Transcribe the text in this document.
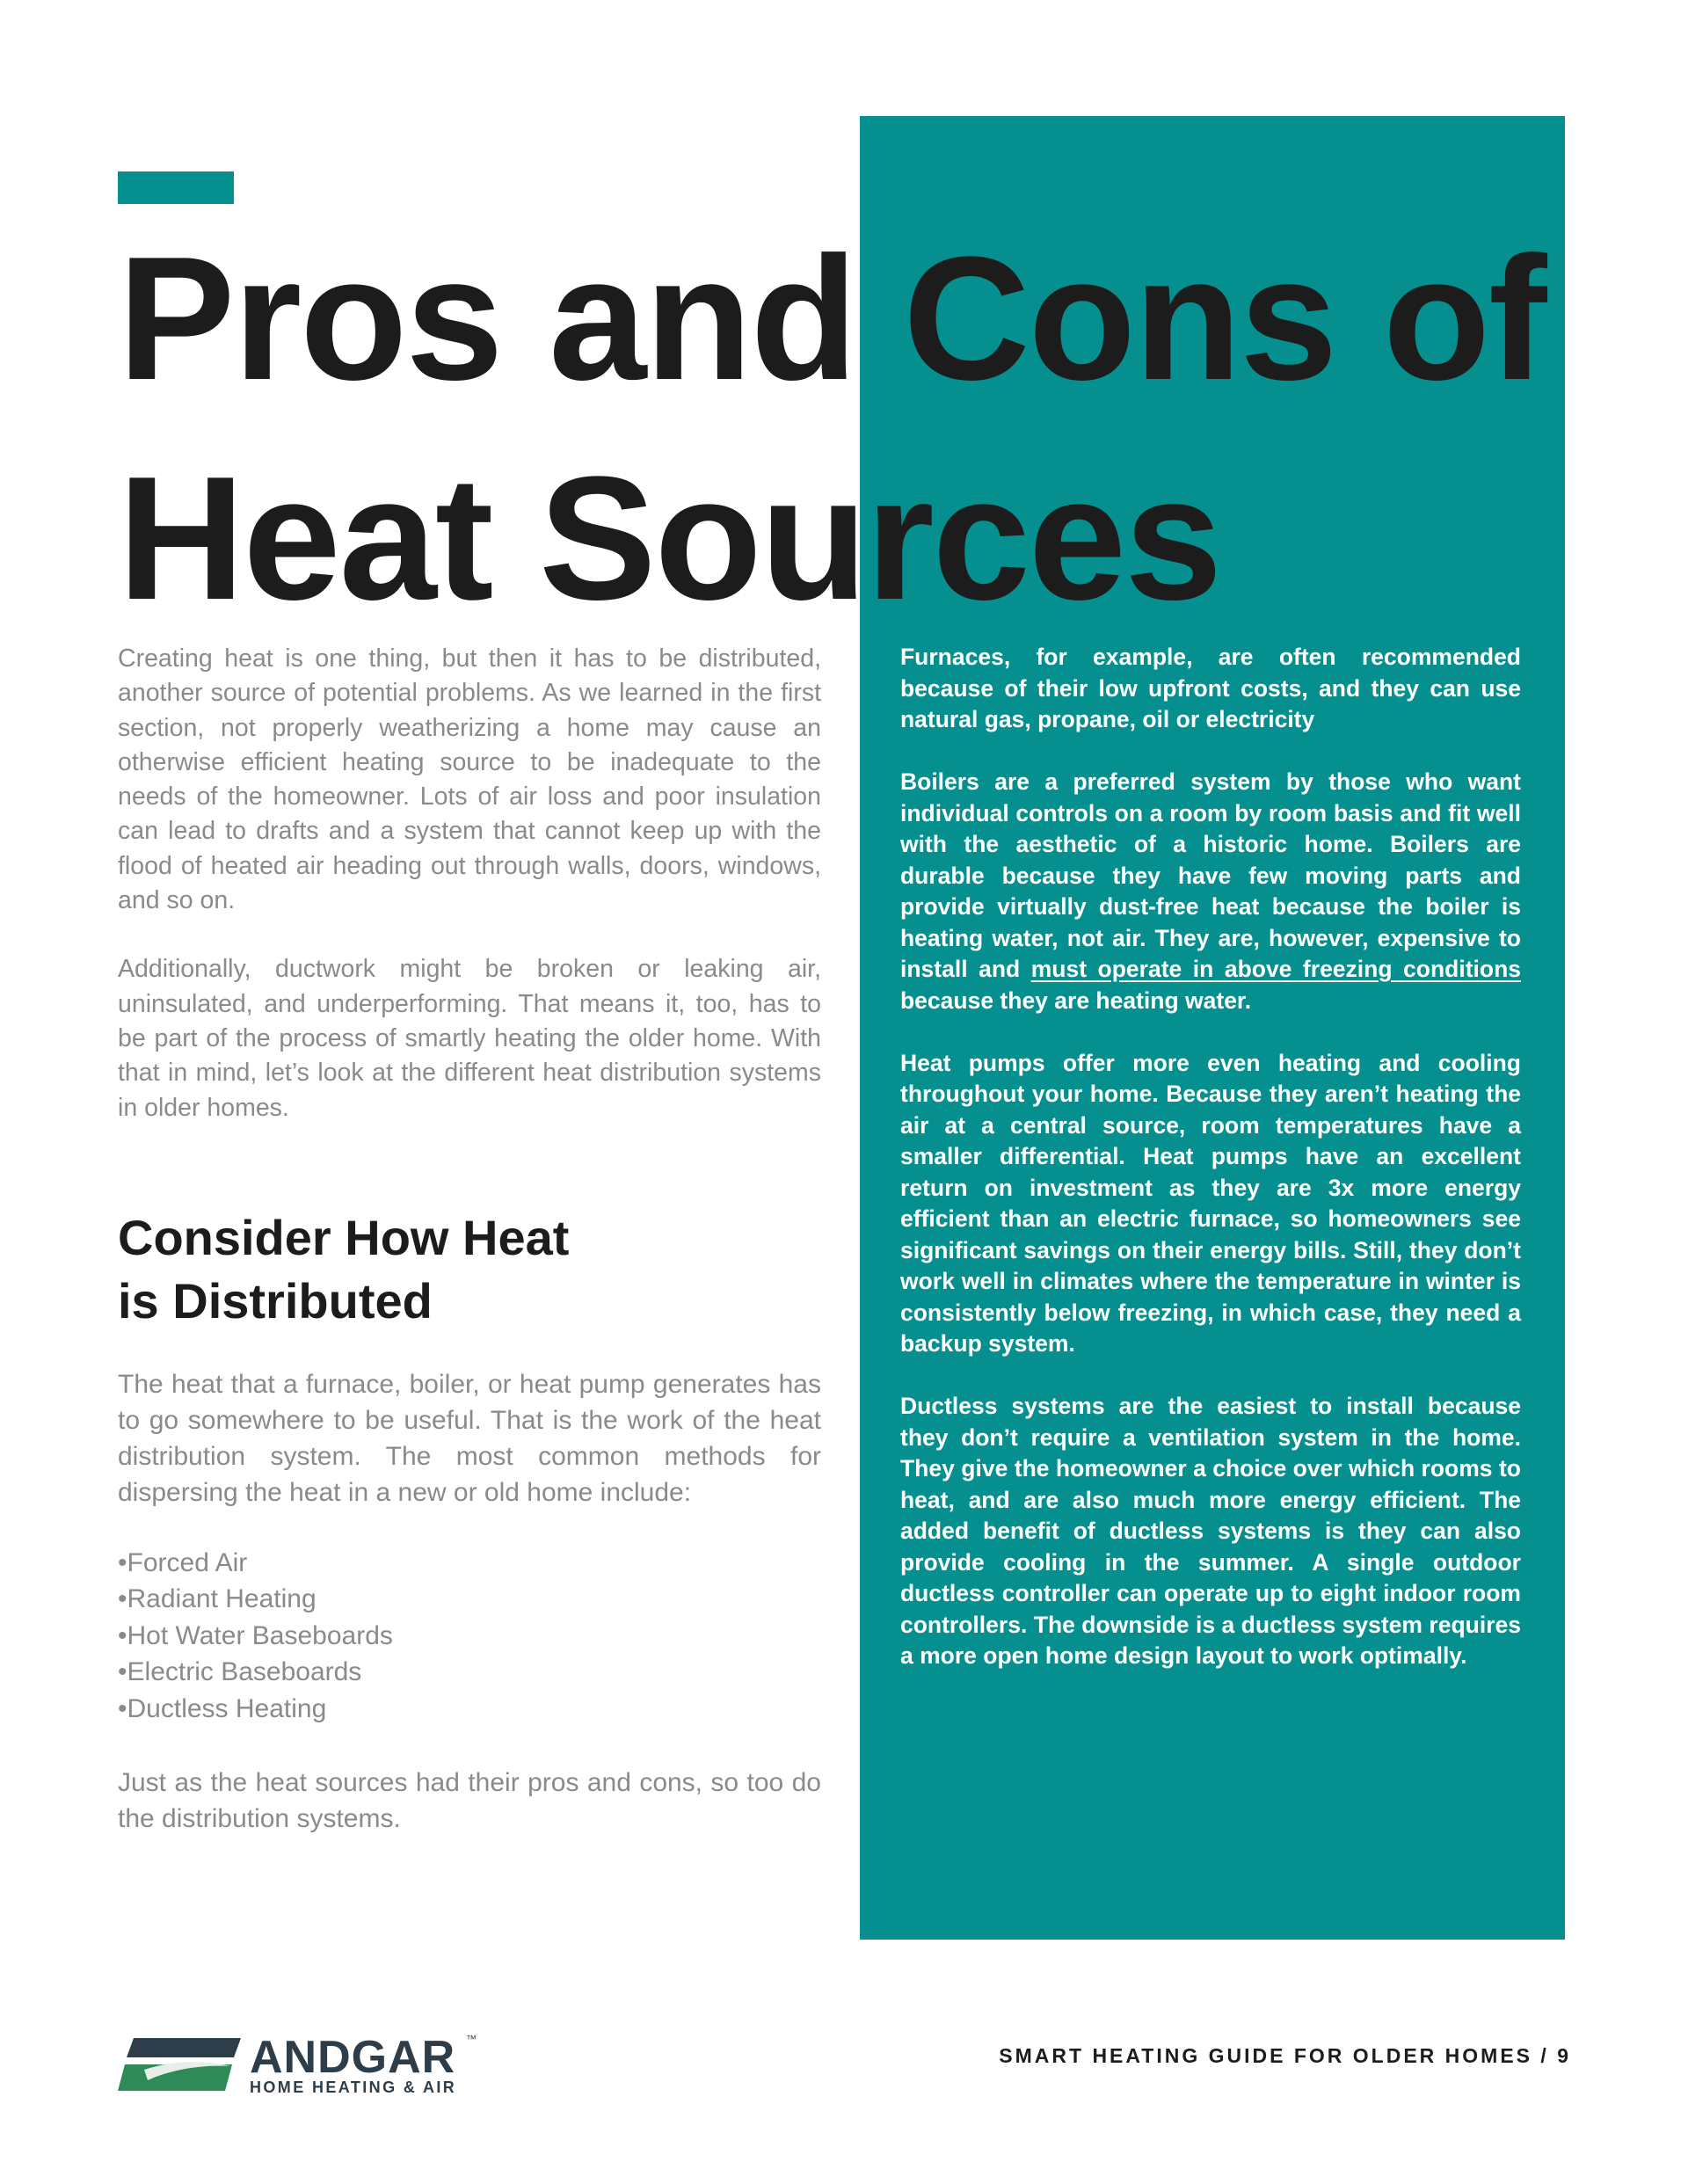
Pros and Cons of
Heat Sources

Creating heat is one thing, but then it has to be distributed, another source of potential problems. As we learned in the first section, not properly weatherizing a home may cause an otherwise efficient heating source to be inadequate to the needs of the homeowner. Lots of air loss and poor insulation can lead to drafts and a system that cannot keep up with the flood of heated air heading out through walls, doors, windows, and so on.

Additionally, ductwork might be broken or leaking air, uninsulated, and underperforming. That means it, too, has to be part of the process of smartly heating the older home. With that in mind, let’s look at the different heat distribution systems in older homes.

Consider How Heat
is Distributed

The heat that a furnace, boiler, or heat pump generates has to go somewhere to be useful. That is the work of the heat distribution system. The most common methods for dispersing the heat in a new or old home include:

• Forced Air
• Radiant Heating
• Hot Water Baseboards
• Electric Baseboards
• Ductless Heating

Just as the heat sources had their pros and cons, so too do the distribution systems.

Furnaces, for example, are often recommended because of their low upfront costs, and they can use natural gas, propane, oil or electricity

Boilers are a preferred system by those who want individual controls on a room by room basis and fit well with the aesthetic of a historic home. Boilers are durable because they have few moving parts and provide virtually dust-free heat because the boiler is heating water, not air. They are, however, expensive to install and must operate in above freezing conditions because they are heating water.

Heat pumps offer more even heating and cooling throughout your home. Because they aren’t heating the air at a central source, room temperatures have a smaller differential. Heat pumps have an excellent return on investment as they are 3x more energy efficient than an electric furnace, so homeowners see significant savings on their energy bills. Still, they don’t work well in climates where the temperature in winter is consistently below freezing, in which case, they need a backup system.

Ductless systems are the easiest to install because they don’t require a ventilation system in the home. They give the homeowner a choice over which rooms to heat, and are also much more energy efficient. The added benefit of ductless systems is they can also provide cooling in the summer. A single outdoor ductless controller can operate up to eight indoor room controllers. The downside is a ductless system requires a more open home design layout to work optimally.

ANDGAR ™
HOME HEATING & AIR
SMART HEATING GUIDE FOR OLDER HOMES / 9
